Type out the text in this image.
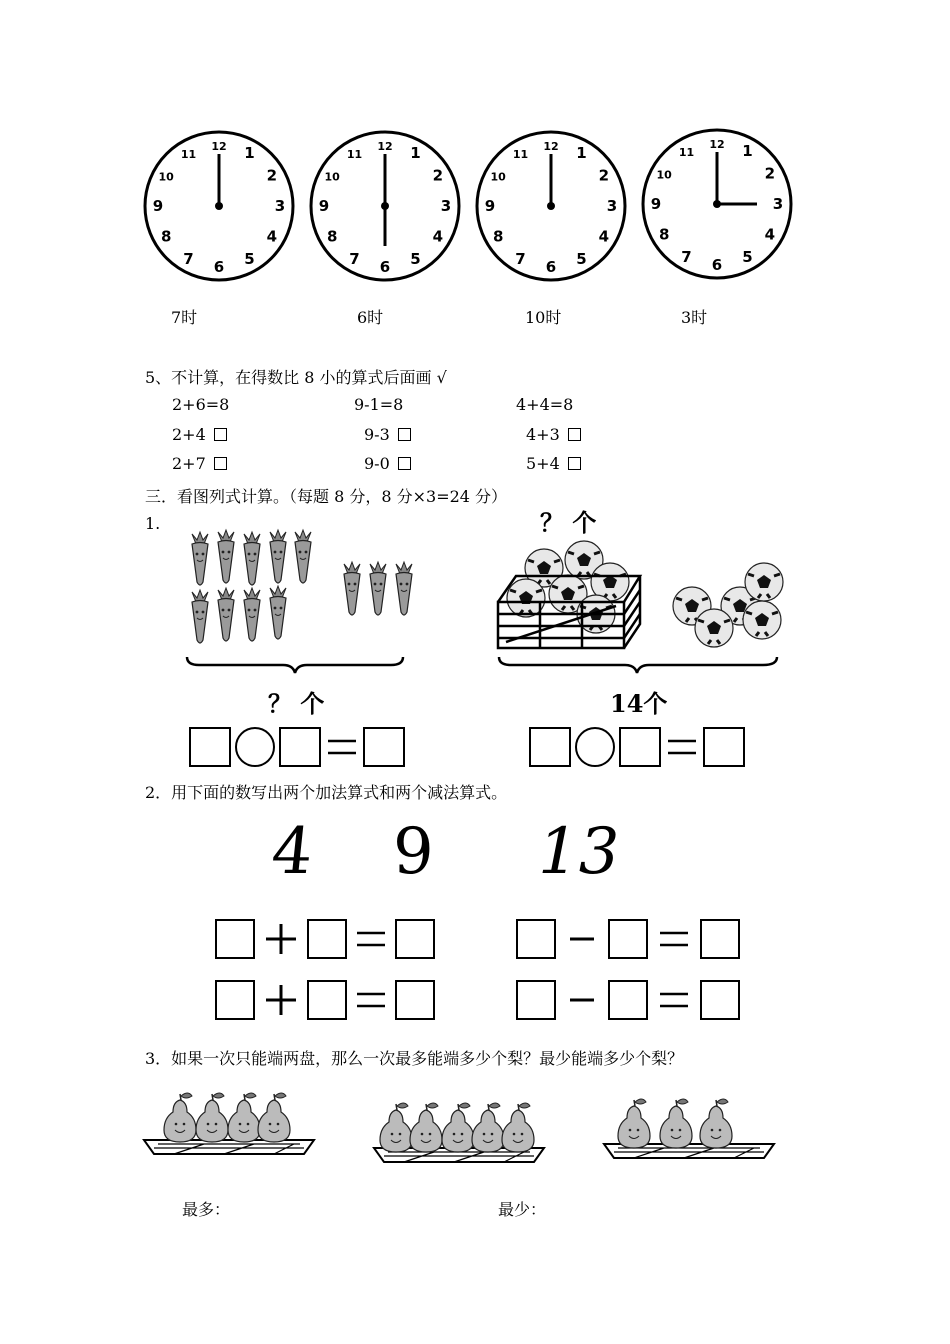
12 1
2
3
4
5
6
7
8
9
10
11
12 1
2
3
4
5
6
7
8
9
10
11
12 1
2
3
4
5
6
7
8
9
10
11
12 1
2
3
4
5
6
7
8
9
10
11
7时	6时	10时	3时
5、不计算，在得数比 8 小的算式后面画 √
2+6=8	9-1=8	4+4=8
2+4	9-3	4+3
2+7	9-0	5+4
三．看图列式计算。（每题 8 分，8 分×3=24 分）
1.
？ 个
？ 个
14个
2．用下面的数写出两个加法算式和两个减法算式。
4 9 13
3．如果一次只能端两盘，那么一次最多能端多少个梨？最少能端多少个梨？
最多：	最少：
